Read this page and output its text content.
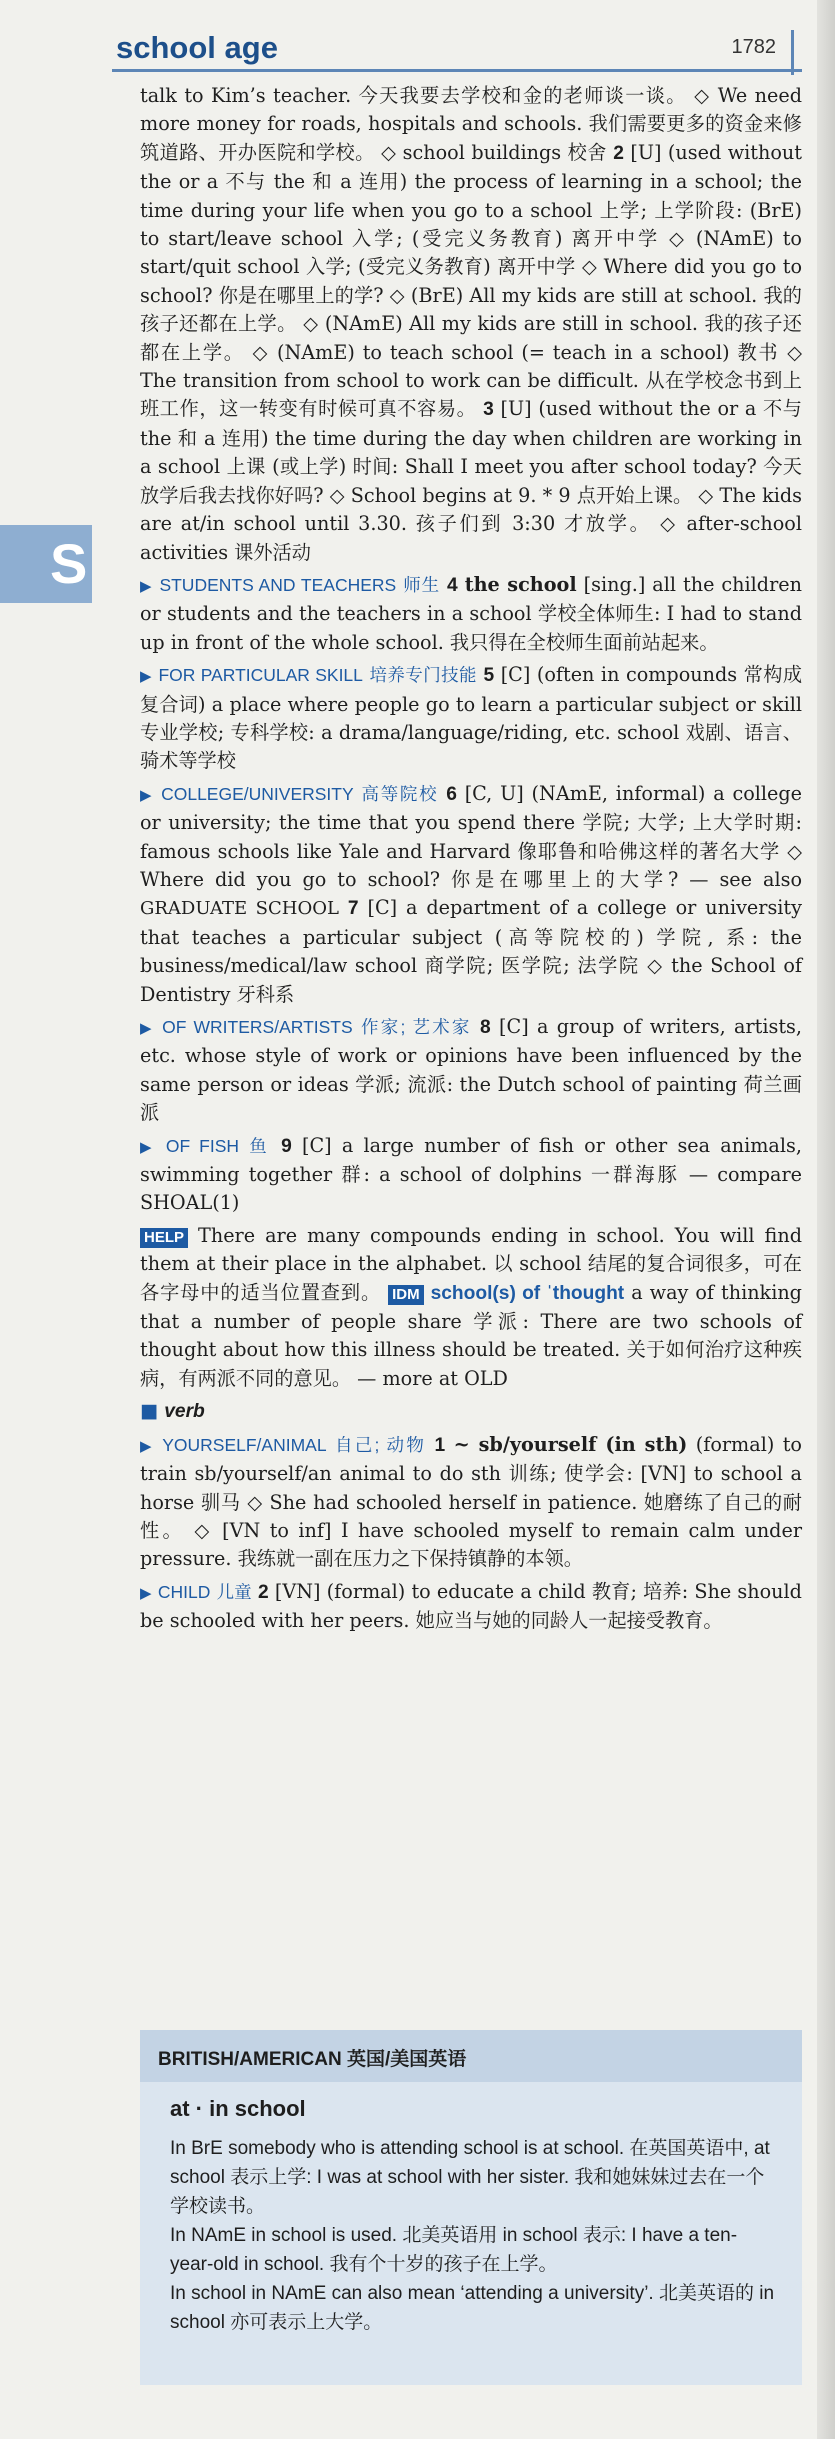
school age	1782
S

talk to Kim’s teacher. 今天我要去学校和金的老师谈一谈。 ◇ We need more money for roads, hospitals and schools. 我们需要更多的资金来修筑道路、开办医院和学校。 ◇ school buildings 校舍 2 [U] (used without the or a 不与 the 和 a 连用) the process of learning in a school; the time during your life when you go to a school 上学; 上学阶段: (BrE) to start/leave school 入学; (受完义务教育) 离开中学 ◇ (NAmE) to start/quit school 入学; (受完义务教育) 离开中学 ◇ Where did you go to school? 你是在哪里上的学? ◇ (BrE) All my kids are still at school. 我的孩子还都在上学。 ◇ (NAmE) All my kids are still in school. 我的孩子还都在上学。 ◇ (NAmE) to teach school (= teach in a school) 教书 ◇ The transition from school to work can be difficult. 从在学校念书到上班工作，这一转变有时候可真不容易。 3 [U] (used without the or a 不与 the 和 a 连用) the time during the day when children are working in a school 上课 (或上学) 时间: Shall I meet you after school today? 今天放学后我去找你好吗? ◇ School begins at 9. * 9 点开始上课。 ◇ The kids are at/in school until 3.30. 孩子们到 3:30 才放学。 ◇ after-school activities 课外活动

▶ STUDENTS AND TEACHERS 师生 4 the school [sing.] all the children or students and the teachers in a school 学校全体师生: I had to stand up in front of the whole school. 我只得在全校师生面前站起来。

▶ FOR PARTICULAR SKILL 培养专门技能 5 [C] (often in compounds 常构成复合词) a place where people go to learn a particular subject or skill 专业学校; 专科学校: a drama/language/riding, etc. school 戏剧、语言、骑术等学校

▶ COLLEGE/UNIVERSITY 高等院校 6 [C, U] (NAmE, informal) a college or university; the time that you spend there 学院; 大学; 上大学时期: famous schools like Yale and Harvard 像耶鲁和哈佛这样的著名大学 ◇ Where did you go to school? 你是在哪里上的大学? — see also GRADUATE SCHOOL 7 [C] a department of a college or university that teaches a particular subject (高等院校的) 学院, 系: the business/medical/law school 商学院; 医学院; 法学院 ◇ the School of Dentistry 牙科系

▶ OF WRITERS/ARTISTS 作家; 艺术家 8 [C] a group of writers, artists, etc. whose style of work or opinions have been influenced by the same person or ideas 学派; 流派: the Dutch school of painting 荷兰画派

▶ OF FISH 鱼 9 [C] a large number of fish or other sea animals, swimming together 群: a school of dolphins 一群海豚 — compare SHOAL(1)

HELP There are many compounds ending in school. You will find them at their place in the alphabet. 以 school 结尾的复合词很多，可在各字母中的适当位置查到。 IDM school(s) of ˈthought a way of thinking that a number of people share 学派: There are two schools of thought about how this illness should be treated. 关于如何治疗这种疾病，有两派不同的意见。 — more at OLD

■ verb

▶ YOURSELF/ANIMAL 自己; 动物 1 ~ sb/yourself (in sth) (formal) to train sb/yourself/an animal to do sth 训练; 使学会: [VN] to school a horse 驯马 ◇ She had schooled herself in patience. 她磨练了自己的耐性。 ◇ [VN to inf] I have schooled myself to remain calm under pressure. 我练就一副在压力之下保持镇静的本领。

▶ CHILD 儿童 2 [VN] (formal) to educate a child 教育; 培养: She should be schooled with her peers. 她应当与她的同龄人一起接受教育。

BRITISH/AMERICAN 英国/美国英语
at · in school

In BrE somebody who is attending school is at school. 在英国英语中, at school 表示上学: I was at school with her sister. 我和她妹妹过去在一个学校读书。

In NAmE in school is used. 北美英语用 in school 表示: I have a ten-year-old in school. 我有个十岁的孩子在上学。

In school in NAmE can also mean ‘attending a university’. 北美英语的 in school 亦可表示上大学。
